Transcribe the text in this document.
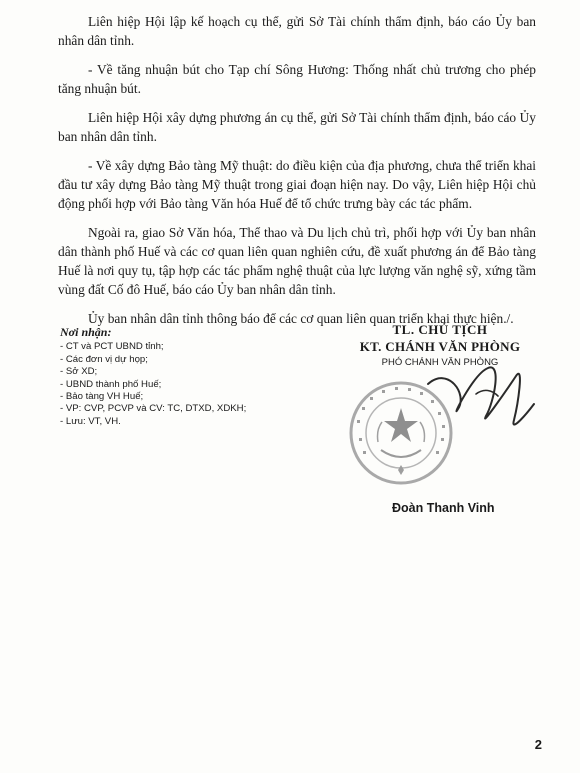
Liên hiệp Hội lập kế hoạch cụ thể, gửi Sở Tài chính thẩm định, báo cáo Ủy ban nhân dân tỉnh.

- Về tăng nhuận bút cho Tạp chí Sông Hương: Thống nhất chủ trương cho phép tăng nhuận bút.

Liên hiệp Hội xây dựng phương án cụ thể, gửi Sở Tài chính thẩm định, báo cáo Ủy ban nhân dân tỉnh.

- Về xây dựng Bảo tàng Mỹ thuật: do điều kiện của địa phương, chưa thể triển khai đầu tư xây dựng Bảo tàng Mỹ thuật trong giai đoạn hiện nay. Do vậy, Liên hiệp Hội chủ động phối hợp với Bảo tàng Văn hóa Huế để tổ chức trưng bày các tác phẩm.

Ngoài ra, giao Sở Văn hóa, Thể thao và Du lịch chủ trì, phối hợp với Ủy ban nhân dân thành phố Huế và các cơ quan liên quan nghiên cứu, đề xuất phương án để Bảo tàng Huế là nơi quy tụ, tập hợp các tác phẩm nghệ thuật của lực lượng văn nghệ sỹ, xứng tầm vùng đất Cố đô Huế, báo cáo Ủy ban nhân dân tỉnh.

Ủy ban nhân dân tỉnh thông báo để các cơ quan liên quan triển khai thực hiện./.

Nơi nhận:
- CT và PCT UBND tỉnh;
- Các đơn vị dự họp;
- Sở XD;
- UBND thành phố Huế;
- Bảo tàng VH Huế;
- VP: CVP, PCVP và CV: TC, DTXD, XDKH;
- Lưu: VT, VH.
TL. CHỦ TỊCH
KT. CHÁNH VĂN PHÒNG
PHÓ CHÁNH VĂN PHÒNG
Đoàn Thanh Vinh
2
